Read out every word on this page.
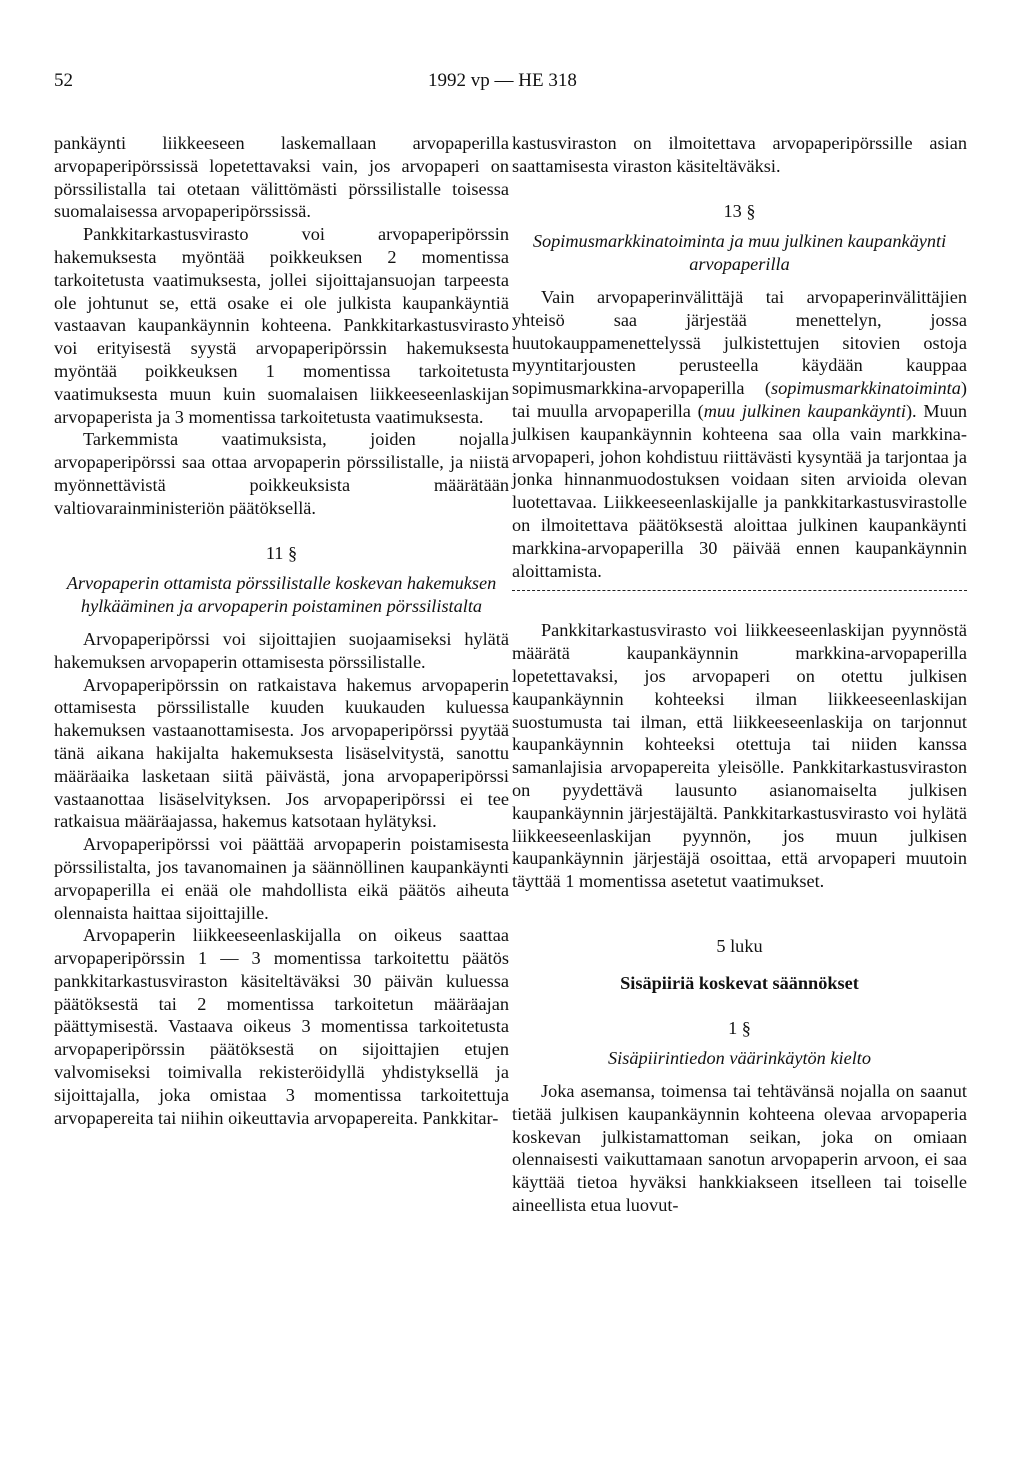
52	1992 vp — HE 318

pankäynti liikkeeseen laskemallaan arvopaperilla arvopaperipörssissä lopetettavaksi vain, jos arvopaperi on pörssilistalla tai otetaan välittömästi pörssilistalle toisessa suomalaisessa arvopaperipörssissä.

Pankkitarkastusvirasto voi arvopaperipörssin hakemuksesta myöntää poikkeuksen 2 momentissa tarkoitetusta vaatimuksesta, jollei sijoittajansuojan tarpeesta ole johtunut se, että osake ei ole julkista kaupankäyntiä vastaavan kaupankäynnin kohteena. Pankkitarkastusvirasto voi erityisestä syystä arvopaperipörssin hakemuksesta myöntää poikkeuksen 1 momentissa tarkoitetusta vaatimuksesta muun kuin suomalaisen liikkeeseenlaskijan arvopaperista ja 3 momentissa tarkoitetusta vaatimuksesta.

Tarkemmista vaatimuksista, joiden nojalla arvopaperipörssi saa ottaa arvopaperin pörssilistalle, ja niistä myönnettävistä poikkeuksista määrätään valtiovarainministeriön päätöksellä.

11 §
Arvopaperin ottamista pörssilistalle koskevan hakemuksen hylkääminen ja arvopaperin poistaminen pörssilistalta

Arvopaperipörssi voi sijoittajien suojaamiseksi hylätä hakemuksen arvopaperin ottamisesta pörssilistalle.

Arvopaperipörssin on ratkaistava hakemus arvopaperin ottamisesta pörssilistalle kuuden kuukauden kuluessa hakemuksen vastaanottamisesta. Jos arvopaperipörssi pyytää tänä aikana hakijalta hakemuksesta lisäselvitystä, sanottu määräaika lasketaan siitä päivästä, jona arvopaperipörssi vastaanottaa lisäselvityksen. Jos arvopaperipörssi ei tee ratkaisua määräajassa, hakemus katsotaan hylätyksi.

Arvopaperipörssi voi päättää arvopaperin poistamisesta pörssilistalta, jos tavanomainen ja säännöllinen kaupankäynti arvopaperilla ei enää ole mahdollista eikä päätös aiheuta olennaista haittaa sijoittajille.

Arvopaperin liikkeeseenlaskijalla on oikeus saattaa arvopaperipörssin 1 — 3 momentissa tarkoitettu päätös pankkitarkastusviraston käsiteltäväksi 30 päivän kuluessa päätöksestä tai 2 momentissa tarkoitetun määräajan päättymisestä. Vastaava oikeus 3 momentissa tarkoitetusta arvopaperipörssin päätöksestä on sijoittajien etujen valvomiseksi toimivalla rekisteröidyllä yhdistyksellä ja sijoittajalla, joka omistaa 3 momentissa tarkoitettuja arvopapereita tai niihin oikeuttavia arvopapereita. Pankkitar-

kastusviraston on ilmoitettava arvopaperipörssille asian saattamisesta viraston käsiteltäväksi.

13 §
Sopimusmarkkinatoiminta ja muu julkinen kaupankäynti arvopaperilla

Vain arvopaperinvälittäjä tai arvopaperinvälittäjien yhteisö saa järjestää menettelyn, jossa huutokauppamenettelyssä julkistettujen sitovien ostoja myyntitarjousten perusteella käydään kauppaa sopimusmarkkina-arvopaperilla (sopimusmarkkinatoiminta) tai muulla arvopaperilla (muu julkinen kaupankäynti). Muun julkisen kaupankäynnin kohteena saa olla vain markkina-arvopaperi, johon kohdistuu riittävästi kysyntää ja tarjontaa ja jonka hinnanmuodostuksen voidaan siten arvioida olevan luotettavaa. Liikkeeseenlaskijalle ja pankkitarkastusvirastolle on ilmoitettava päätöksestä aloittaa julkinen kaupankäynti markkina-arvopaperilla 30 päivää ennen kaupankäynnin aloittamista.

Pankkitarkastusvirasto voi liikkeeseenlaskijan pyynnöstä määrätä kaupankäynnin markkina-arvopaperilla lopetettavaksi, jos arvopaperi on otettu julkisen kaupankäynnin kohteeksi ilman liikkeeseenlaskijan suostumusta tai ilman, että liikkeeseenlaskija on tarjonnut kaupankäynnin kohteeksi otettuja tai niiden kanssa samanlajisia arvopapereita yleisölle. Pankkitarkastusviraston on pyydettävä lausunto asianomaiselta julkisen kaupankäynnin järjestäjältä. Pankkitarkastusvirasto voi hylätä liikkeeseenlaskijan pyynnön, jos muun julkisen kaupankäynnin järjestäjä osoittaa, että arvopaperi muutoin täyttää 1 momentissa asetetut vaatimukset.

5 luku
Sisäpiiriä koskevat säännökset
1 §
Sisäpiirintiedon väärinkäytön kielto

Joka asemansa, toimensa tai tehtävänsä nojalla on saanut tietää julkisen kaupankäynnin kohteena olevaa arvopaperia koskevan julkistamattoman seikan, joka on omiaan olennaisesti vaikuttamaan sanotun arvopaperin arvoon, ei saa käyttää tietoa hyväksi hankkiakseen itselleen tai toiselle aineellista etua luovut-
